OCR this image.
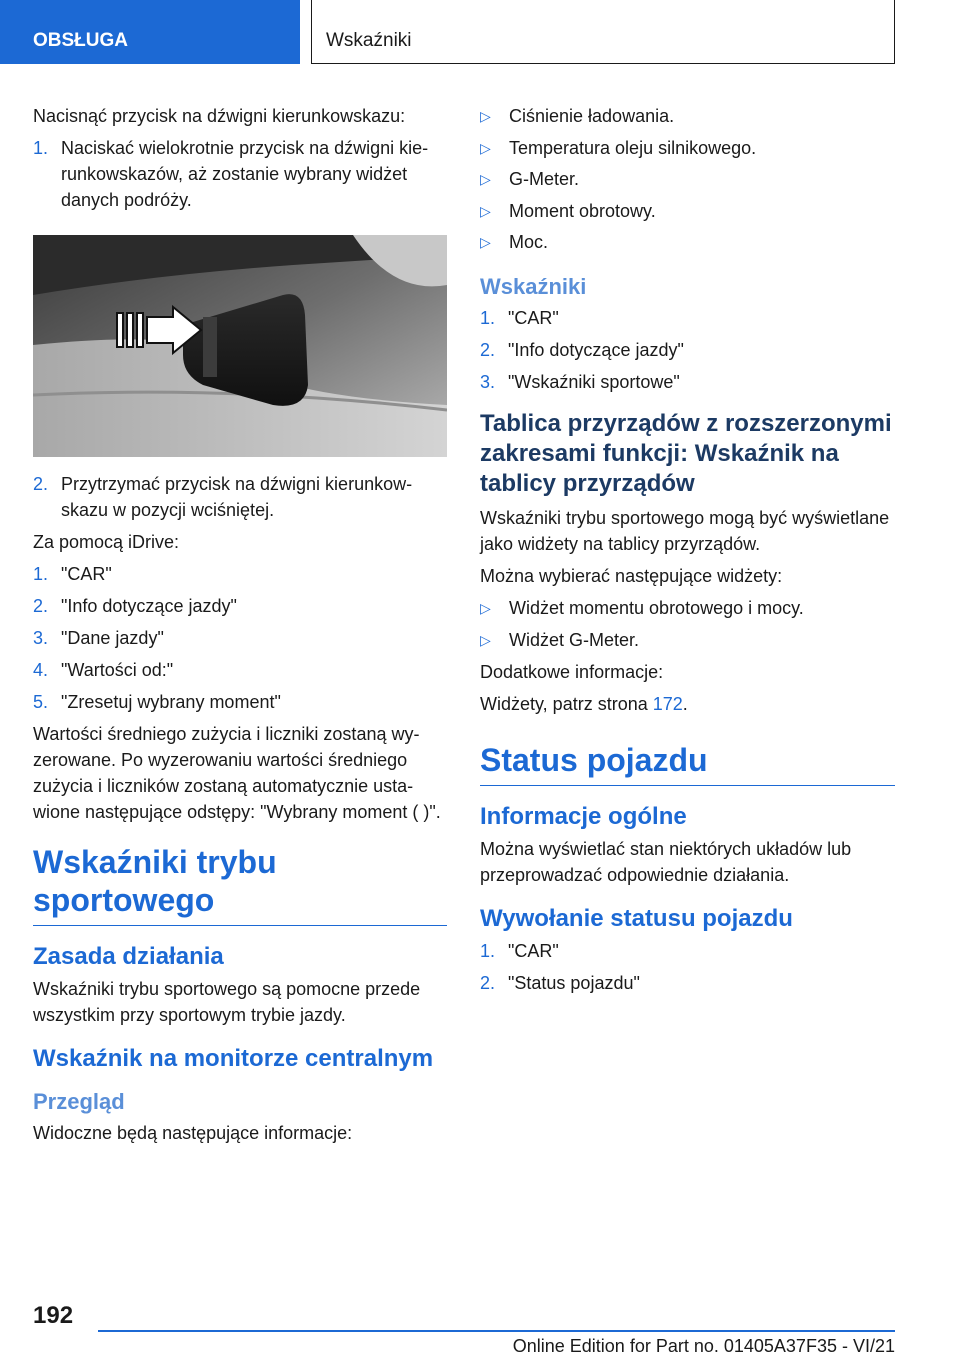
OBSŁUGA	Wskaźniki

Nacisnąć przycisk na dźwigni kierunkowskazu:

1. Naciskać wielokrotnie przycisk na dźwigni kierunkowskazów, aż zostanie wybrany widżet danych podróży.
2. Przytrzymać przycisk na dźwigni kierunkowskazu w pozycji wciśniętej.

Za pomocą iDrive:

1. "CAR"
2. "Info dotyczące jazdy"
3. "Dane jazdy"
4. "Wartości od:"
5. "Zresetuj wybrany moment"

Wartości średniego zużycia i liczniki zostaną wyzerowane. Po wyzerowaniu wartości średniego zużycia i liczników zostaną automatycznie ustawione następujące odstępy: "Wybrany moment ( )".

Wskaźniki trybu sportowego
Zasada działania

Wskaźniki trybu sportowego są pomocne przede wszystkim przy sportowym trybie jazdy.

Wskaźnik na monitorze centralnym
Przegląd

Widoczne będą następujące informacje:

▷	Ciśnienie ładowania.
▷	Temperatura oleju silnikowego.
▷	G-Meter.
▷	Moment obrotowy.
▷	Moc.
Wskaźniki
1. "CAR"
2. "Info dotyczące jazdy"
3. "Wskaźniki sportowe"
Tablica przyrządów z rozszerzonymi zakresami funkcji: Wskaźnik na tablicy przyrządów

Wskaźniki trybu sportowego mogą być wyświetlane jako widżety na tablicy przyrządów.

Można wybierać następujące widżety:

▷	Widżet momentu obrotowego i mocy.
▷	Widżet G-Meter.

Dodatkowe informacje:

Widżety, patrz strona 172.

Status pojazdu
Informacje ogólne

Można wyświetlać stan niektórych układów lub przeprowadzać odpowiednie działania.

Wywołanie statusu pojazdu
1. "CAR"
2. "Status pojazdu"
192
Online Edition for Part no. 01405A37F35 - VI/21
